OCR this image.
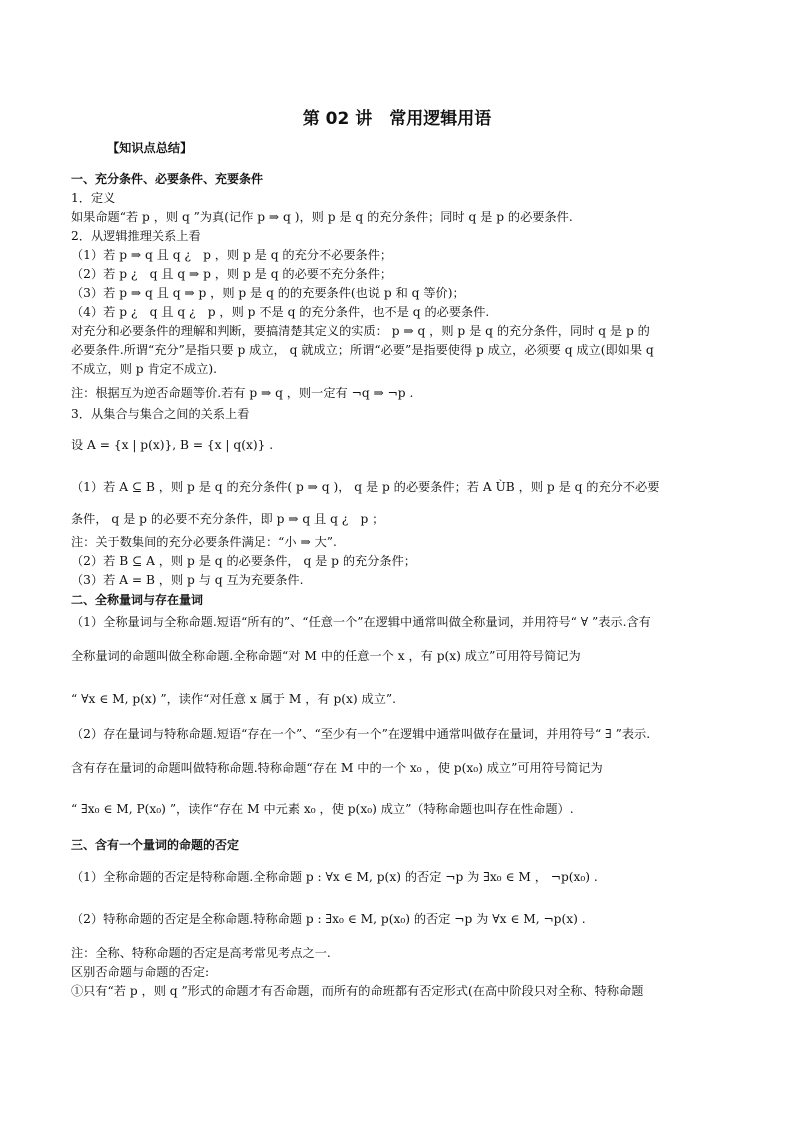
第 02 讲　常用逻辑用语
【知识点总结】
一、充分条件、必要条件、充要条件
1．定义
如果命题“若 p ，则 q ”为真(记作 p ⇒ q )，则 p 是 q 的充分条件；同时 q 是 p 的必要条件.
2．从逻辑推理关系上看
（1）若 p ⇒ q 且 q ¿　p ，则 p 是 q 的充分不必要条件；
（2）若 p ¿　q 且 q ⇒ p ，则 p 是 q 的必要不充分条件；
（3）若 p ⇒ q 且 q ⇒ p ，则 p 是 q 的的充要条件(也说 p 和 q 等价)；
（4）若 p ¿　q 且 q ¿　p ，则 p 不是 q 的充分条件，也不是 q 的必要条件.
对充分和必要条件的理解和判断，要搞清楚其定义的实质： p ⇒ q ，则 p 是 q 的充分条件，同时 q 是 p 的
必要条件.所谓“充分”是指只要 p 成立， q 就成立；所谓“必要”是指要使得 p 成立，必须要 q 成立(即如果 q
不成立，则 p 肯定不成立).
注：根据互为逆否命题等价.若有 p ⇒ q ，则一定有 ¬q ⇒ ¬p .
3．从集合与集合之间的关系上看
设 A = {x | p(x)}, B = {x | q(x)} .
（1）若 A ⊆ B ，则 p 是 q 的充分条件( p ⇒ q )， q 是 p 的必要条件；若 A ÙB ，则 p 是 q 的充分不必要
条件， q 是 p 的必要不充分条件，即 p ⇒ q 且 q ¿　p ；
注：关于数集间的充分必要条件满足：“小 ⇒ 大”.
（2）若 B ⊆ A ，则 p 是 q 的必要条件， q 是 p 的充分条件；
（3）若 A = B ，则 p 与 q 互为充要条件.
二、全称量词与存在量词
（1）全称量词与全称命题.短语“所有的”、“任意一个”在逻辑中通常叫做全称量词，并用符号“ ∀ ”表示.含有
全称量词的命题叫做全称命题.全称命题“对 M 中的任意一个 x ，有 p(x) 成立”可用符号简记为
“ ∀x ∈ M, p(x) ”，读作“对任意 x 属于 M ，有 p(x) 成立”.
（2）存在量词与特称命题.短语“存在一个”、“至少有一个”在逻辑中通常叫做存在量词，并用符号“ ∃ ”表示.
含有存在量词的命题叫做特称命题.特称命题“存在 M 中的一个 x₀ ，使 p(x₀) 成立”可用符号简记为
“ ∃x₀ ∈ M, P(x₀) ”，读作“存在 M 中元素 x₀ ，使 p(x₀) 成立”（特称命题也叫存在性命题）.
三、含有一个量词的命题的否定
（1）全称命题的否定是特称命题.全称命题 p : ∀x ∈ M, p(x) 的否定 ¬p 为 ∃x₀ ∈ M ， ¬p(x₀) .
（2）特称命题的否定是全称命题.特称命题 p : ∃x₀ ∈ M, p(x₀) 的否定 ¬p 为 ∀x ∈ M, ¬p(x) .
注：全称、特称命题的否定是高考常见考点之一.
区别否命题与命题的否定:
①只有“若 p ，则 q ”形式的命题才有否命题，而所有的命班都有否定形式(在高中阶段只对全称、特称命题
